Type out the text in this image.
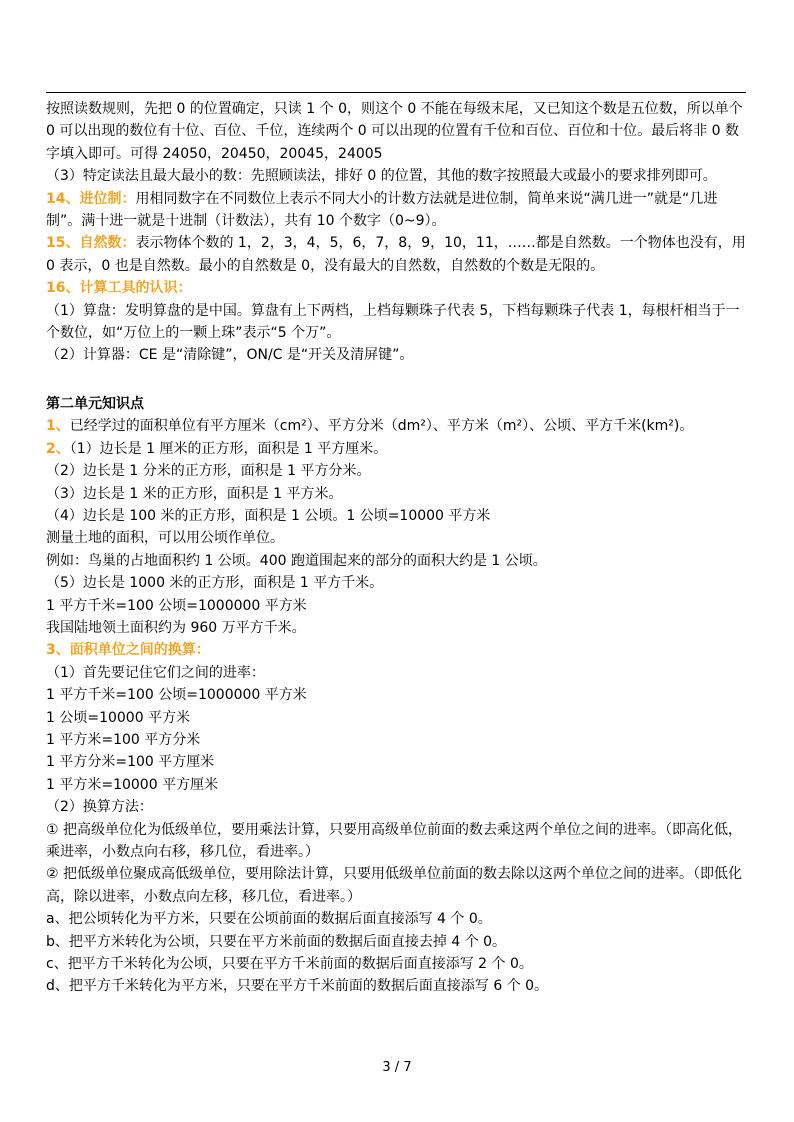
按照读数规则，先把 0 的位置确定，只读 1 个 0，则这个 0 不能在每级末尾，又已知这个数是五位数，所以单个 0 可以出现的数位有十位、百位、千位，连续两个 0 可以出现的位置有千位和百位、百位和十位。最后将非 0 数字填入即可。可得 24050，20450，20045，24005

（3）特定读法且最大最小的数：先照顾读法，排好 0 的位置，其他的数字按照最大或最小的要求排列即可。

14、进位制：用相同数字在不同数位上表示不同大小的计数方法就是进位制，简单来说“满几进一”就是“几进制”。满十进一就是十进制（计数法），共有 10 个数字（0~9）。

15、自然数：表示物体个数的 1，2，3，4，5，6，7，8，9，10，11，……都是自然数。一个物体也没有，用 0 表示，0 也是自然数。最小的自然数是 0，没有最大的自然数，自然数的个数是无限的。

16、计算工具的认识：

（1）算盘：发明算盘的是中国。算盘有上下两档，上档每颗珠子代表 5，下档每颗珠子代表 1，每根杆相当于一个数位，如“万位上的一颗上珠”表示“5 个万”。

（2）计算器：CE 是“清除键”，ON/C 是“开关及清屏键”。

第二单元知识点

1、已经学过的面积单位有平方厘米（cm²）、平方分米（dm²）、平方米（m²）、公顷、平方千米(km²)。

2、（1）边长是 1 厘米的正方形，面积是 1 平方厘米。

（2）边长是 1 分米的正方形，面积是 1 平方分米。

（3）边长是 1 米的正方形，面积是 1 平方米。

（4）边长是 100 米的正方形，面积是 1 公顷。1 公顷=10000 平方米

测量土地的面积，可以用公顷作单位。

例如：鸟巢的占地面积约 1 公顷。400 跑道围起来的部分的面积大约是 1 公顷。

（5）边长是 1000 米的正方形，面积是 1 平方千米。

1 平方千米=100 公顷=1000000 平方米

我国陆地领土面积约为 960 万平方千米。

3、面积单位之间的换算：

（1）首先要记住它们之间的进率：

1 平方千米=100 公顷=1000000 平方米

1 公顷=10000 平方米

1 平方米=100 平方分米

1 平方分米=100 平方厘米

1 平方米=10000 平方厘米

（2）换算方法：

① 把高级单位化为低级单位，要用乘法计算，只要用高级单位前面的数去乘这两个单位之间的进率。（即高化低，乘进率，小数点向右移，移几位，看进率。）

② 把低级单位聚成高低级单位，要用除法计算，只要用低级单位前面的数去除以这两个单位之间的进率。（即低化高，除以进率，小数点向左移，移几位，看进率。）

a、把公顷转化为平方米，只要在公顷前面的数据后面直接添写 4 个 0。

b、把平方米转化为公顷，只要在平方米前面的数据后面直接去掉 4 个 0。

c、把平方千米转化为公顷，只要在平方千米前面的数据后面直接添写 2 个 0。

d、把平方千米转化为平方米，只要在平方千米前面的数据后面直接添写 6 个 0。

3 / 7
